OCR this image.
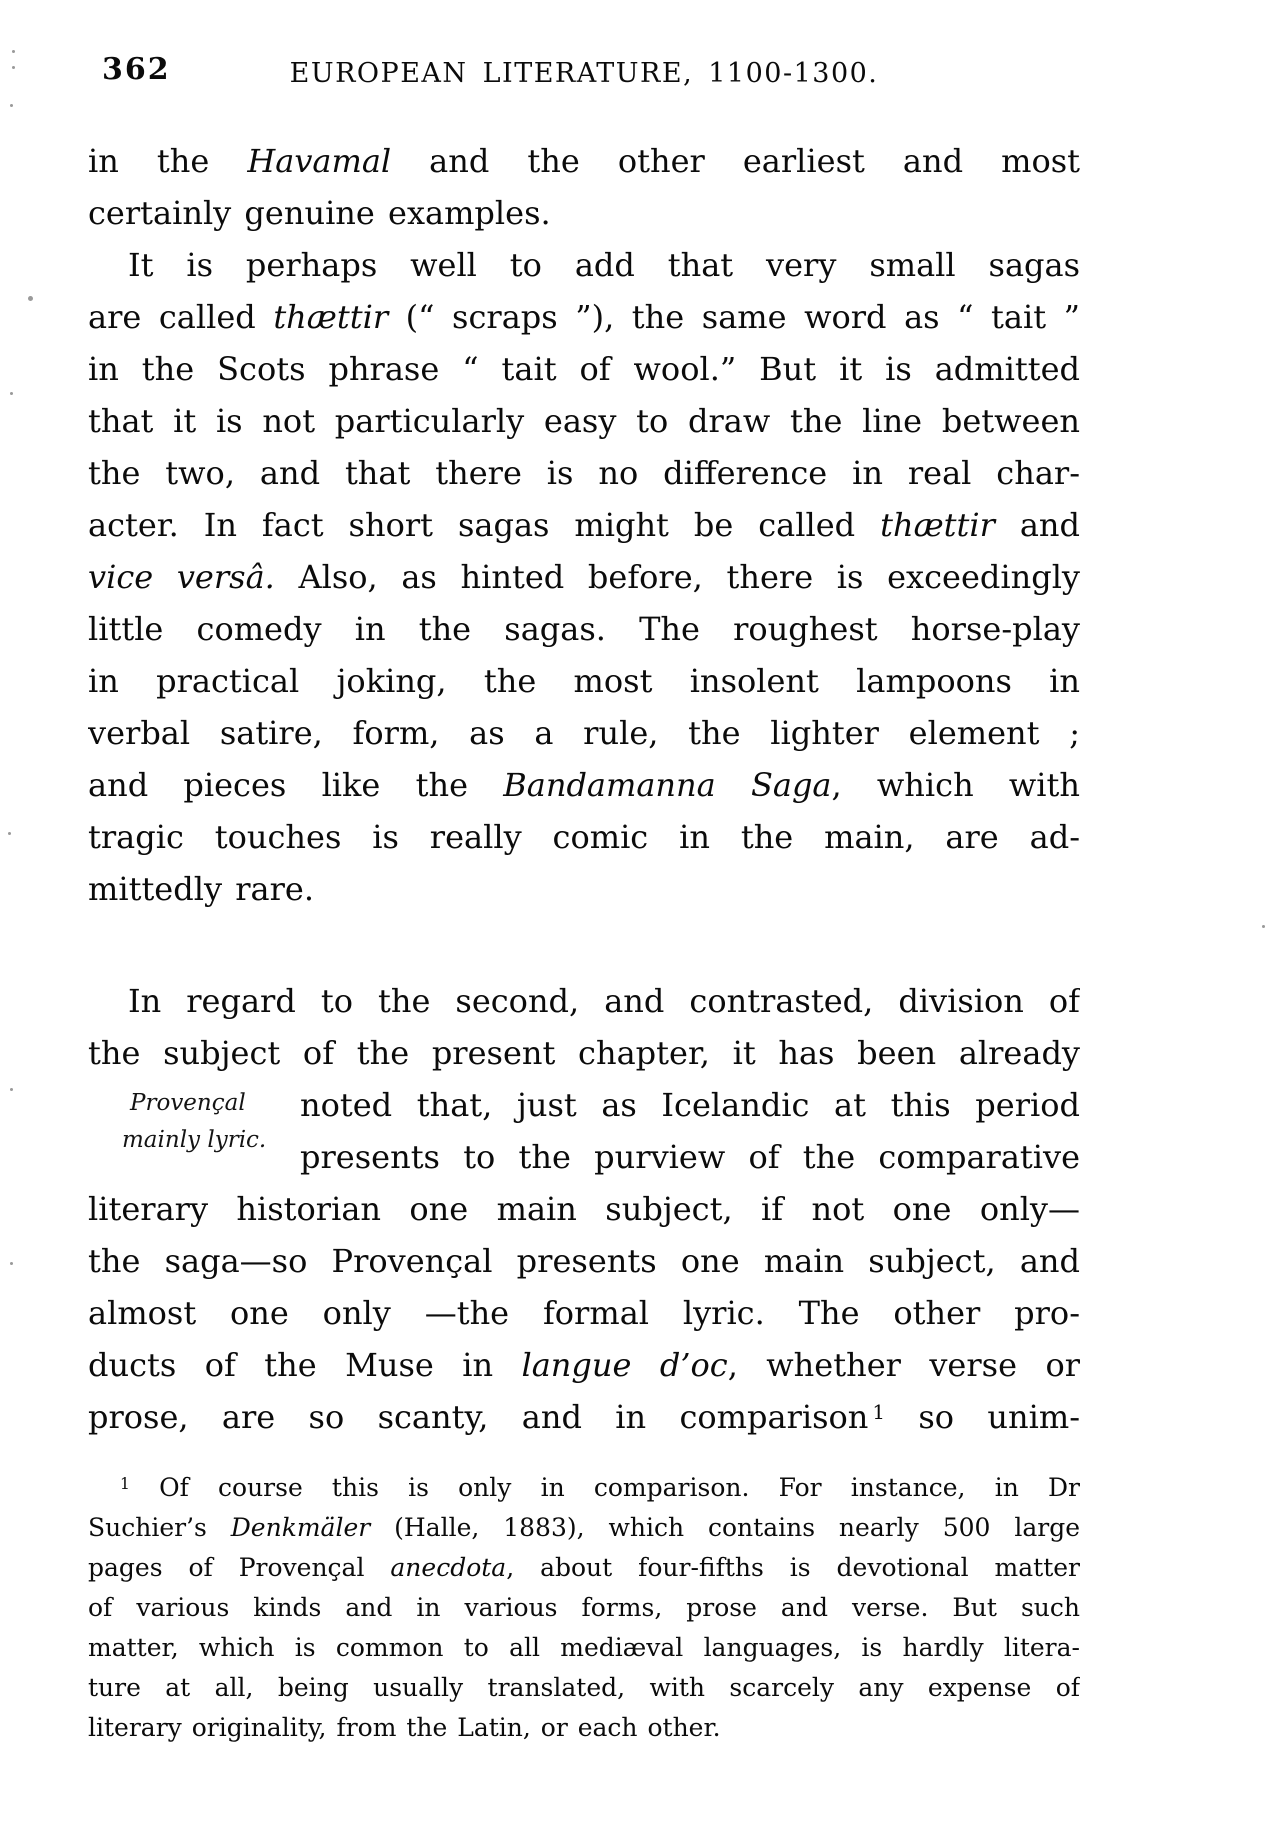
362	EUROPEAN LITERATURE, 1100-1300.
in the Havamal and the other earliest and most
certainly genuine examples.
It is perhaps well to add that very small sagas
are called thættir (“ scraps ”), the same word as “ tait ”
in the Scots phrase “ tait of wool.” But it is admitted
that it is not particularly easy to draw the line between
the two, and that there is no difference in real char-
acter. In fact short sagas might be called thættir and
vice versâ. Also, as hinted before, there is exceedingly
little comedy in the sagas. The roughest horse-play
in practical joking, the most insolent lampoons in
verbal satire, form, as a rule, the lighter element ;
and pieces like the Bandamanna Saga, which with
tragic touches is really comic in the main, are ad-
mittedly rare.
In regard to the second, and contrasted, division of
the subject of the present chapter, it has been already
noted that, just as Icelandic at this period
presents to the purview of the comparative
literary historian one main subject, if not one only—
the saga—so Provençal presents one main subject, and
almost one only —the formal lyric. The other pro-
ducts of the Muse in langue d’oc, whether verse or
prose, are so scanty, and in comparison $^1$ so unim-
Provençal
mainly lyric.
$^1$ Of course this is only in comparison. For instance, in Dr
Suchier’s Denkmäler (Halle, 1883), which contains nearly 500 large
pages of Provençal anecdota, about four-fifths is devotional matter
of various kinds and in various forms, prose and verse. But such
matter, which is common to all mediæval languages, is hardly litera-
ture at all, being usually translated, with scarcely any expense of
literary originality, from the Latin, or each other.
